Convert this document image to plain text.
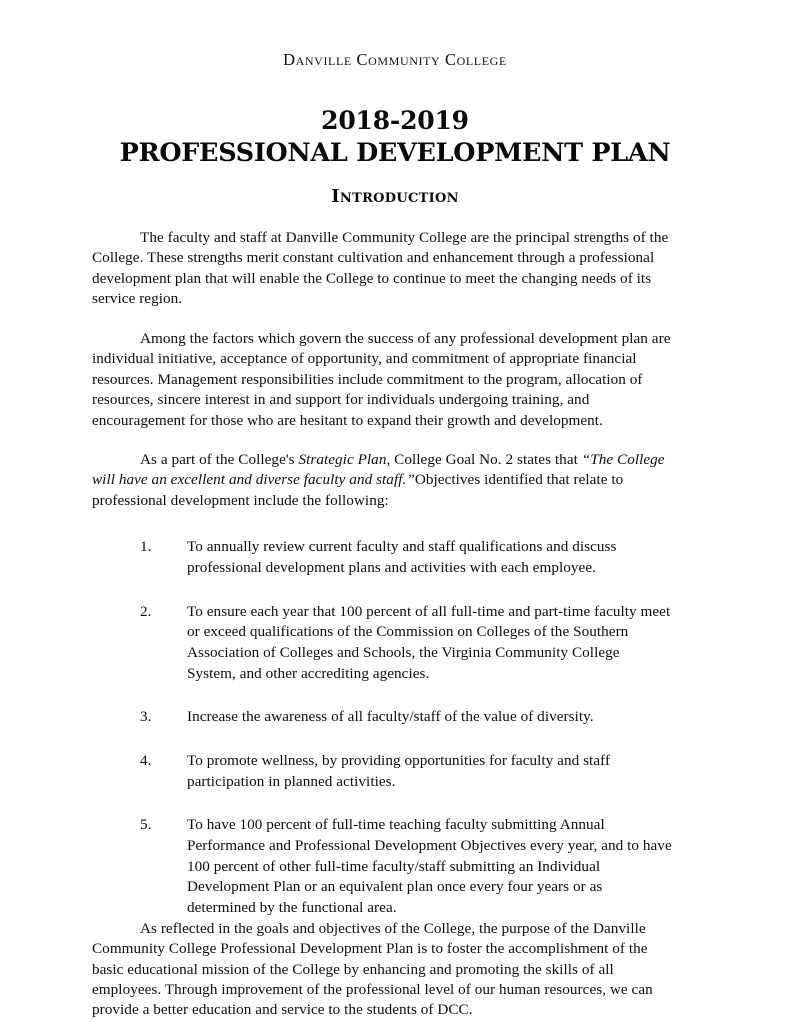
Danville Community College
2018-2019
PROFESSIONAL DEVELOPMENT PLAN
Introduction

The faculty and staff at Danville Community College are the principal strengths of the College. These strengths merit constant cultivation and enhancement through a professional development plan that will enable the College to continue to meet the changing needs of its service region.

Among the factors which govern the success of any professional development plan are individual initiative, acceptance of opportunity, and commitment of appropriate financial resources. Management responsibilities include commitment to the program, allocation of resources, sincere interest in and support for individuals undergoing training, and encouragement for those who are hesitant to expand their growth and development.

As a part of the College's Strategic Plan, College Goal No. 2 states that “The College will have an excellent and diverse faculty and staff.”Objectives identified that relate to professional development include the following:

1.	To annually review current faculty and staff qualifications and discuss professional development plans and activities with each employee.
2.	To ensure each year that 100 percent of all full-time and part-time faculty meet or exceed qualifications of the Commission on Colleges of the Southern Association of Colleges and Schools, the Virginia Community College System, and other accrediting agencies.
3.	Increase the awareness of all faculty/staff of the value of diversity.
4.	To promote wellness, by providing opportunities for faculty and staff participation in planned activities.
5.	To have 100 percent of full-time teaching faculty submitting Annual Performance and Professional Development Objectives every year, and to have 100 percent of other full-time faculty/staff submitting an Individual Development Plan or an equivalent plan once every four years or as determined by the functional area.

As reflected in the goals and objectives of the College, the purpose of the Danville Community College Professional Development Plan is to foster the accomplishment of the basic educational mission of the College by enhancing and promoting the skills of all employees. Through improvement of the professional level of our human resources, we can provide a better education and service to the students of DCC.
